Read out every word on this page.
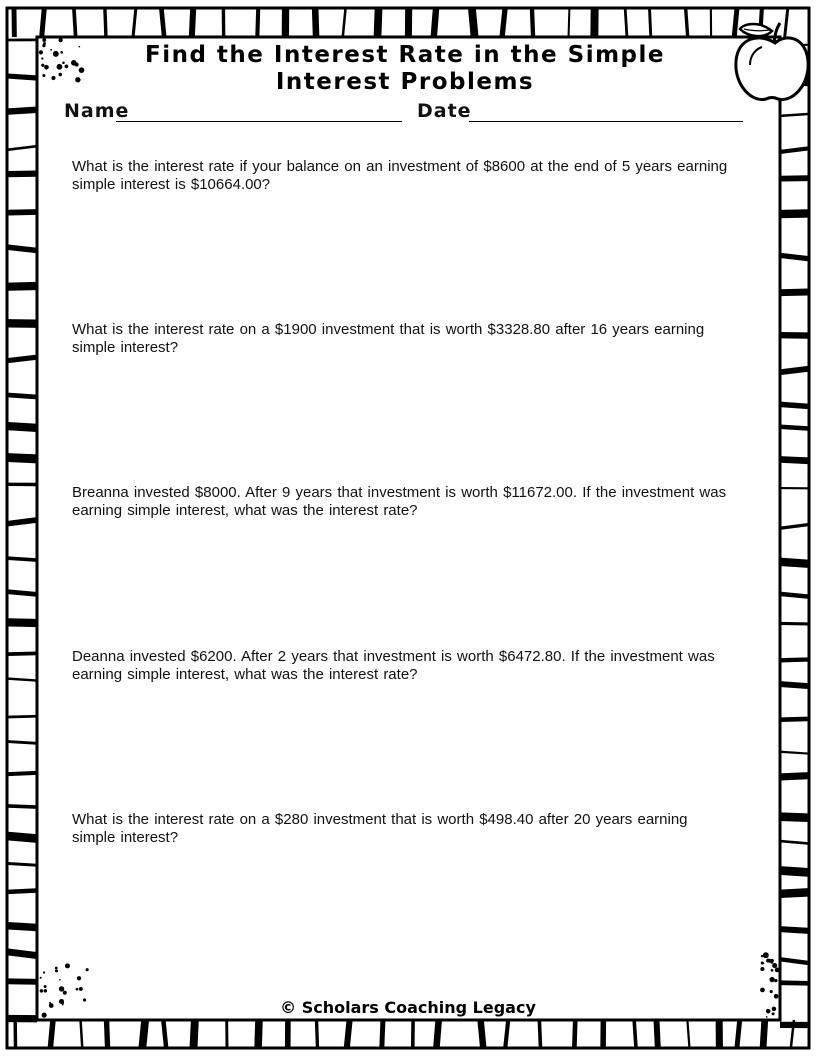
Find the Interest Rate in the Simple Interest Problems
Name	Date
What is the interest rate if your balance on an investment of $8600 at the end of 5 years earning simple interest is $10664.00?
What is the interest rate on a $1900 investment that is worth $3328.80 after 16 years earning simple interest?
Breanna invested $8000. After 9 years that investment is worth $11672.00. If the investment was earning simple interest, what was the interest rate?
Deanna invested $6200. After 2 years that investment is worth $6472.80. If the investment was earning simple interest, what was the interest rate?
What is the interest rate on a $280 investment that is worth $498.40 after 20 years earning simple interest?
© Scholars Coaching Legacy
